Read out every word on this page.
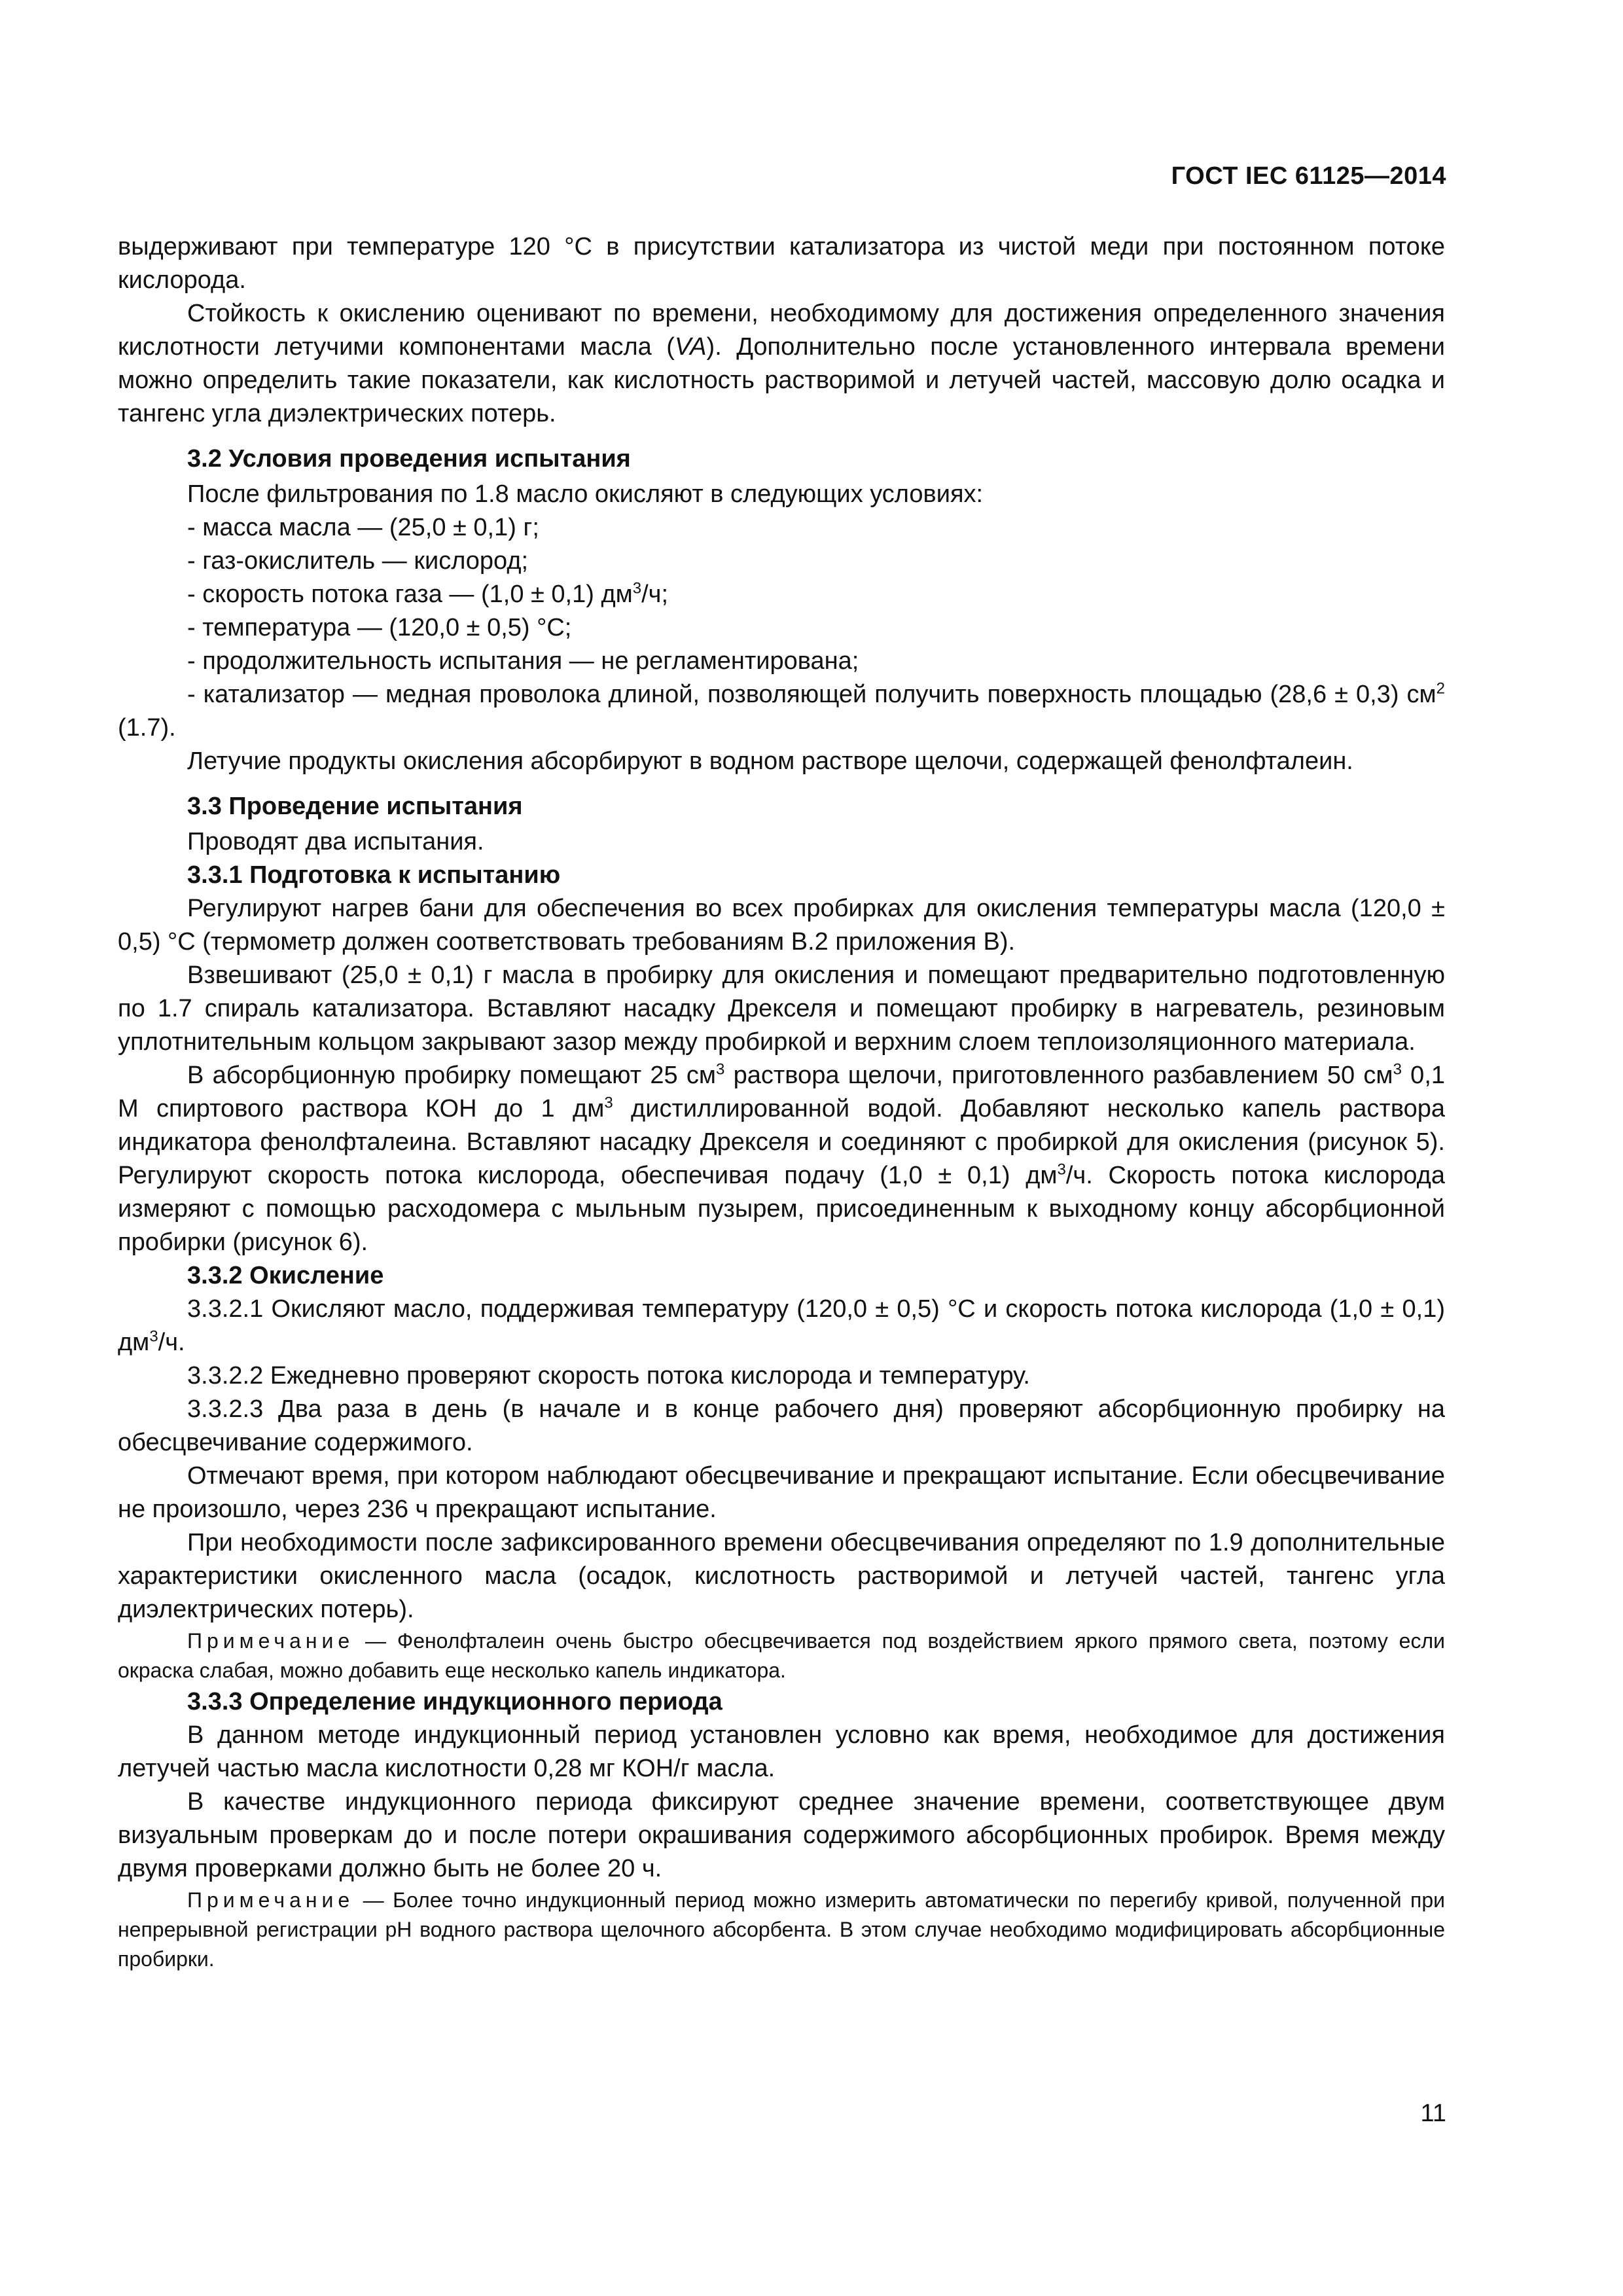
ГОСТ IEC 61125—2014

выдерживают при температуре 120 °С в присутствии катализатора из чистой меди при постоянном потоке кислорода.

Стойкость к окислению оценивают по времени, необходимому для достижения определенного значения кислотности летучими компонентами масла (VA). Дополнительно после установленного интервала времени можно определить такие показатели, как кислотность растворимой и летучей частей, массовую долю осадка и тангенс угла диэлектрических потерь.

3.2 Условия проведения испытания

После фильтрования по 1.8 масло окисляют в следующих условиях:

- масса масла — (25,0 ± 0,1) г;

- газ-окислитель — кислород;

- скорость потока газа — (1,0 ± 0,1) $дм^3/ч$;

- температура — (120,0 ± 0,5) °С;

- продолжительность испытания — не регламентирована;

- катализатор — медная проволока длиной, позволяющей получить поверхность площадью (28,6 ± 0,3) $см^2$ (1.7).

Летучие продукты окисления абсорбируют в водном растворе щелочи, содержащей фенолфталеин.

3.3 Проведение испытания

Проводят два испытания.

3.3.1 Подготовка к испытанию

Регулируют нагрев бани для обеспечения во всех пробирках для окисления температуры масла (120,0 ± 0,5) °С (термометр должен соответствовать требованиям В.2 приложения В).

Взвешивают (25,0 ± 0,1) г масла в пробирку для окисления и помещают предварительно подготовленную по 1.7 спираль катализатора. Вставляют насадку Дрекселя и помещают пробирку в нагреватель, резиновым уплотнительным кольцом закрывают зазор между пробиркой и верхним слоем теплоизоляционного материала.

В абсорбционную пробирку помещают 25 $см^3$ раствора щелочи, приготовленного разбавлением 50 $см^3$ 0,1 М спиртового раствора КОН до 1 $дм^3$ дистиллированной водой. Добавляют несколько капель раствора индикатора фенолфталеина. Вставляют насадку Дрекселя и соединяют с пробиркой для окисления (рисунок 5). Регулируют скорость потока кислорода, обеспечивая подачу (1,0 ± 0,1) $дм^3/ч$. Скорость потока кислорода измеряют с помощью расходомера с мыльным пузырем, присоединенным к выходному концу абсорбционной пробирки (рисунок 6).

3.3.2 Окисление

3.3.2.1 Окисляют масло, поддерживая температуру (120,0 ± 0,5) °С и скорость потока кислорода (1,0 ± 0,1) $дм^3/ч$.

3.3.2.2 Ежедневно проверяют скорость потока кислорода и температуру.

3.3.2.3 Два раза в день (в начале и в конце рабочего дня) проверяют абсорбционную пробирку на обесцвечивание содержимого.

Отмечают время, при котором наблюдают обесцвечивание и прекращают испытание. Если обесцвечивание не произошло, через 236 ч прекращают испытание.

При необходимости после зафиксированного времени обесцвечивания определяют по 1.9 дополнительные характеристики окисленного масла (осадок, кислотность растворимой и летучей частей, тангенс угла диэлектрических потерь).

Примечание — Фенолфталеин очень быстро обесцвечивается под воздействием яркого прямого света, поэтому если окраска слабая, можно добавить еще несколько капель индикатора.

3.3.3 Определение индукционного периода

В данном методе индукционный период установлен условно как время, необходимое для достижения летучей частью масла кислотности 0,28 мг КОН/г масла.

В качестве индукционного периода фиксируют среднее значение времени, соответствующее двум визуальным проверкам до и после потери окрашивания содержимого абсорбционных пробирок. Время между двумя проверками должно быть не более 20 ч.

Примечание — Более точно индукционный период можно измерить автоматически по перегибу кривой, полученной при непрерывной регистрации рН водного раствора щелочного абсорбента. В этом случае необходимо модифицировать абсорбционные пробирки.

11
